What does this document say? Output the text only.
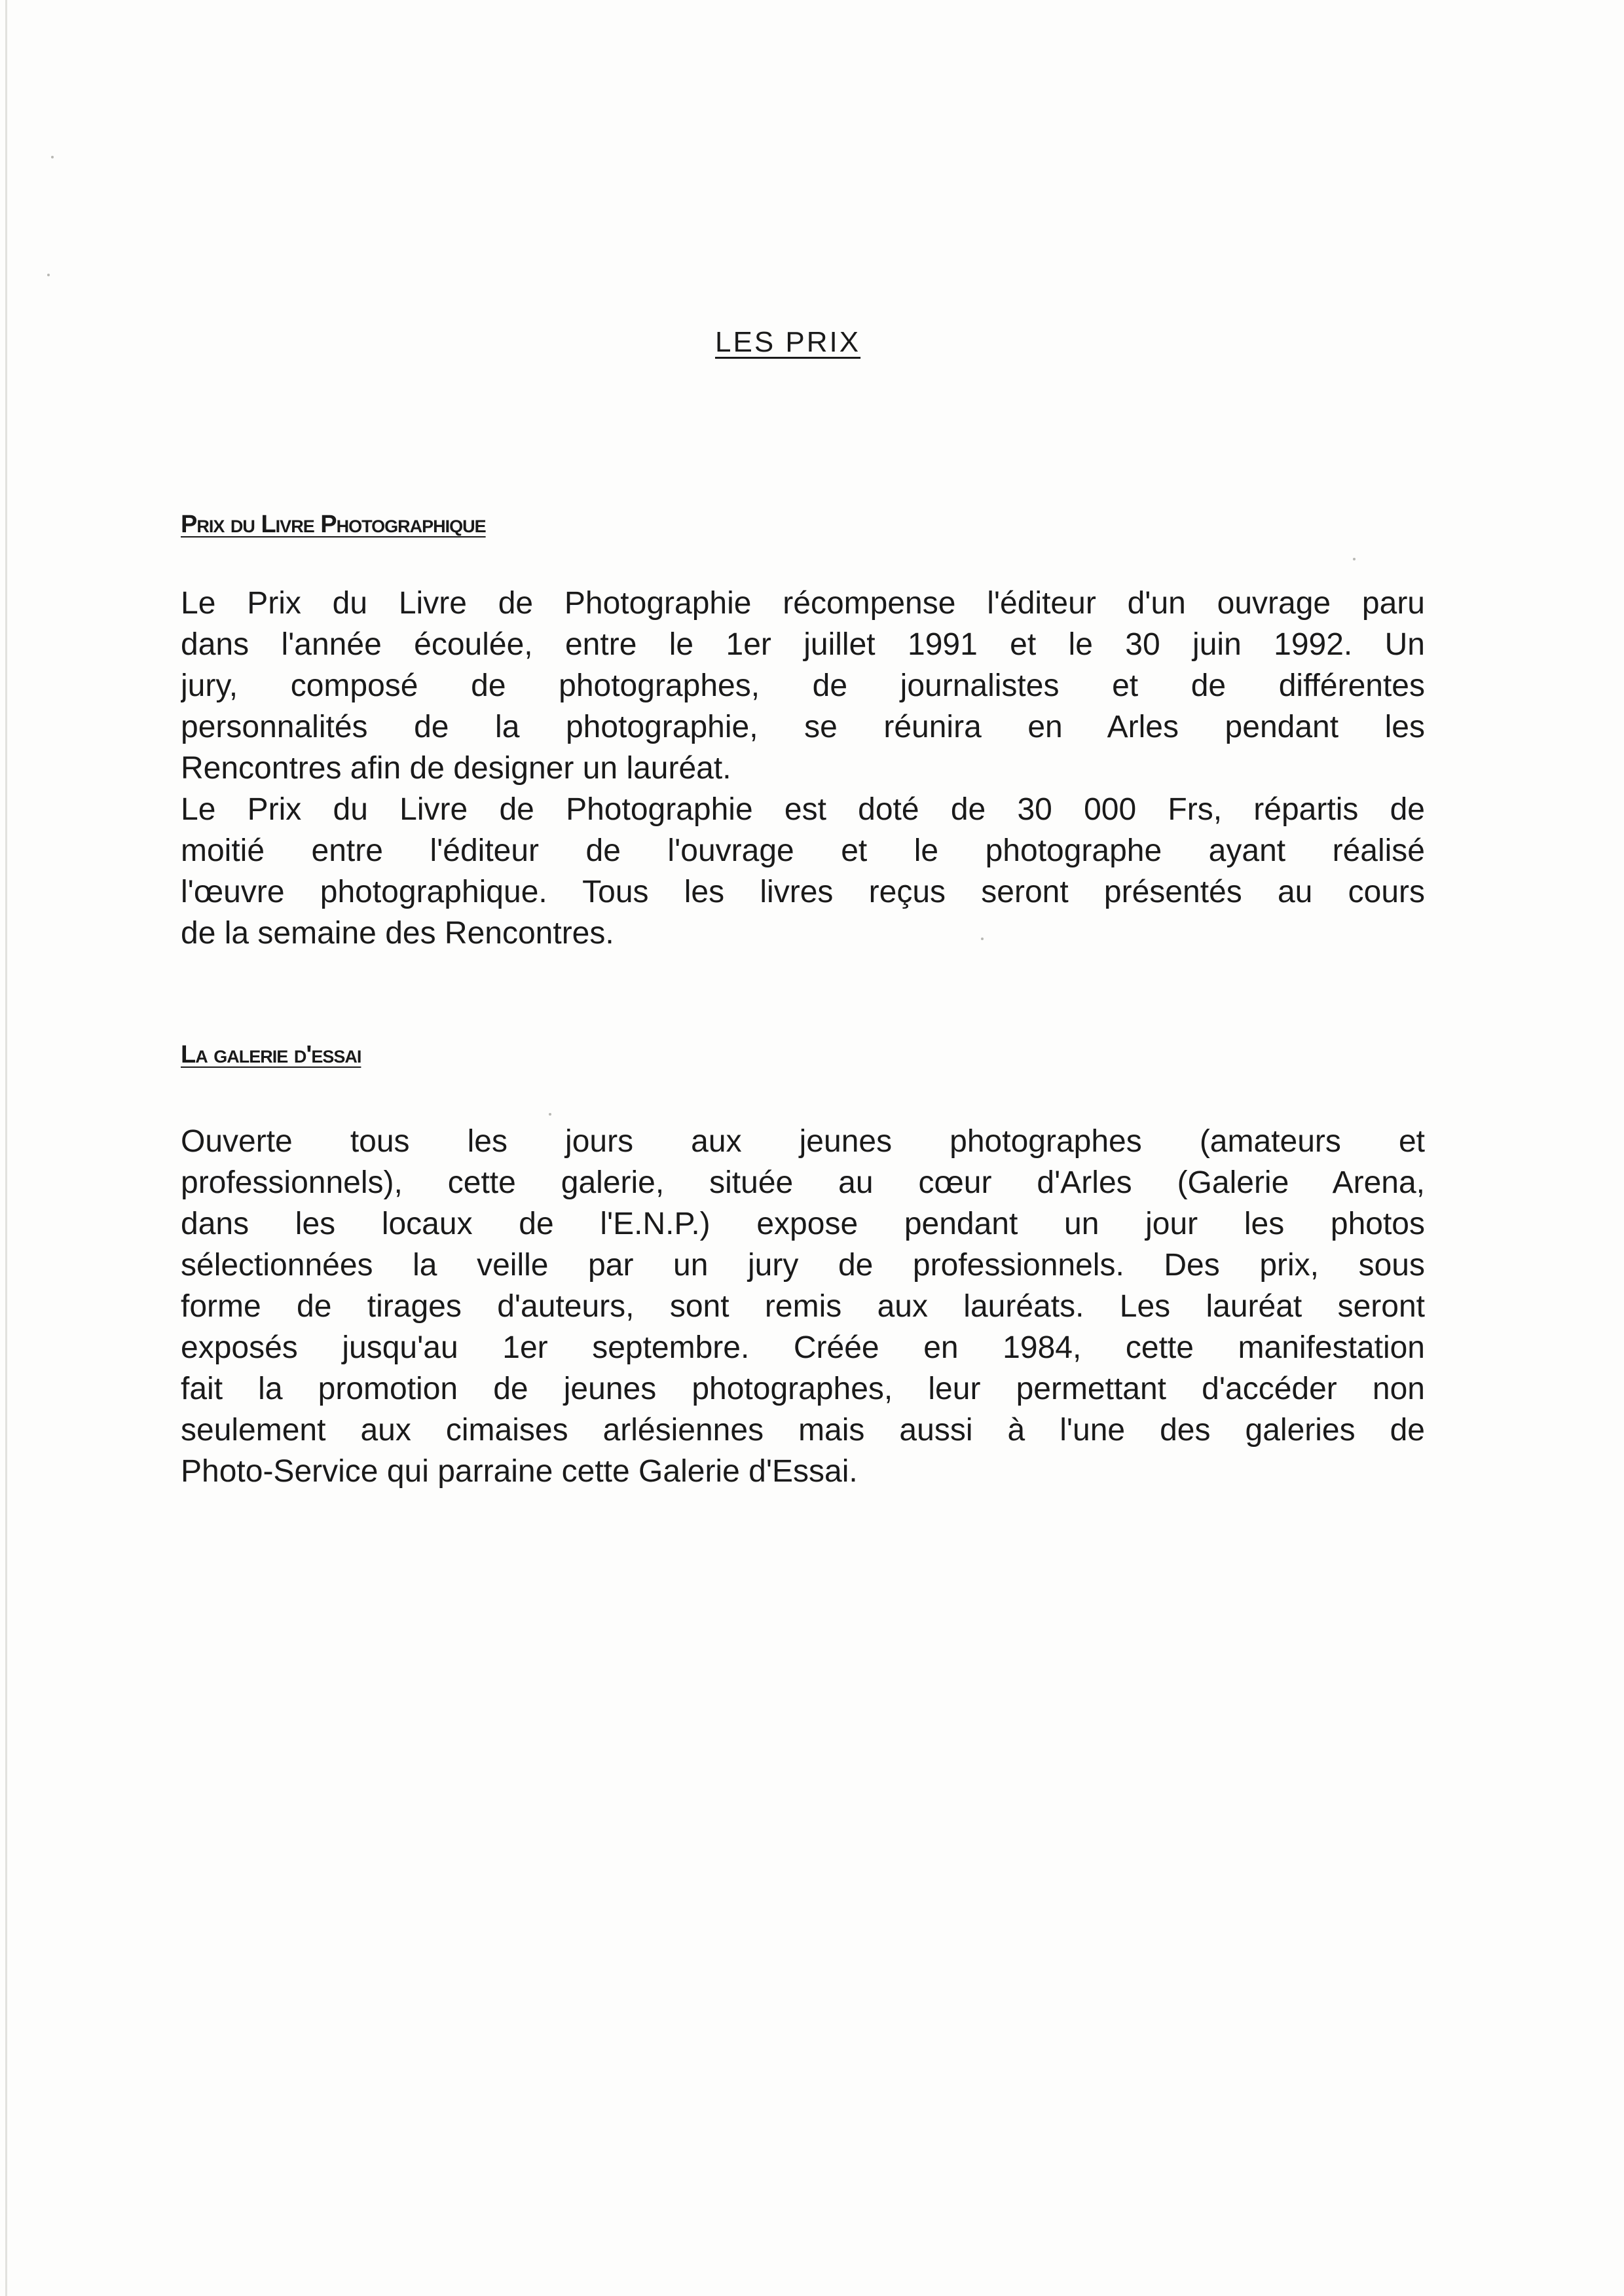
LES PRIX
Prix du Livre Photographique
Le Prix du Livre de Photographie récompense l'éditeur d'un ouvrage paru
dans l'année écoulée, entre le 1er juillet 1991 et le 30 juin 1992. Un
jury, composé de photographes, de journalistes et de différentes
personnalités de la photographie, se réunira en Arles pendant les
Rencontres afin de designer un lauréat.
Le Prix du Livre de Photographie est doté de 30 000 Frs, répartis de
moitié entre l'éditeur de l'ouvrage et le photographe ayant réalisé
l'œuvre photographique. Tous les livres reçus seront présentés au cours
de la semaine des Rencontres.
La galerie d'essai
Ouverte tous les jours aux jeunes photographes (amateurs et
professionnels), cette galerie, située au cœur d'Arles (Galerie Arena,
dans les locaux de l'E.N.P.) expose pendant un jour les photos
sélectionnées la veille par un jury de professionnels. Des prix, sous
forme de tirages d'auteurs, sont remis aux lauréats. Les lauréat seront
exposés jusqu'au 1er septembre. Créée en 1984, cette manifestation
fait la promotion de jeunes photographes, leur permettant d'accéder non
seulement aux cimaises arlésiennes mais aussi à l'une des galeries de
Photo-Service qui parraine cette Galerie d'Essai.
